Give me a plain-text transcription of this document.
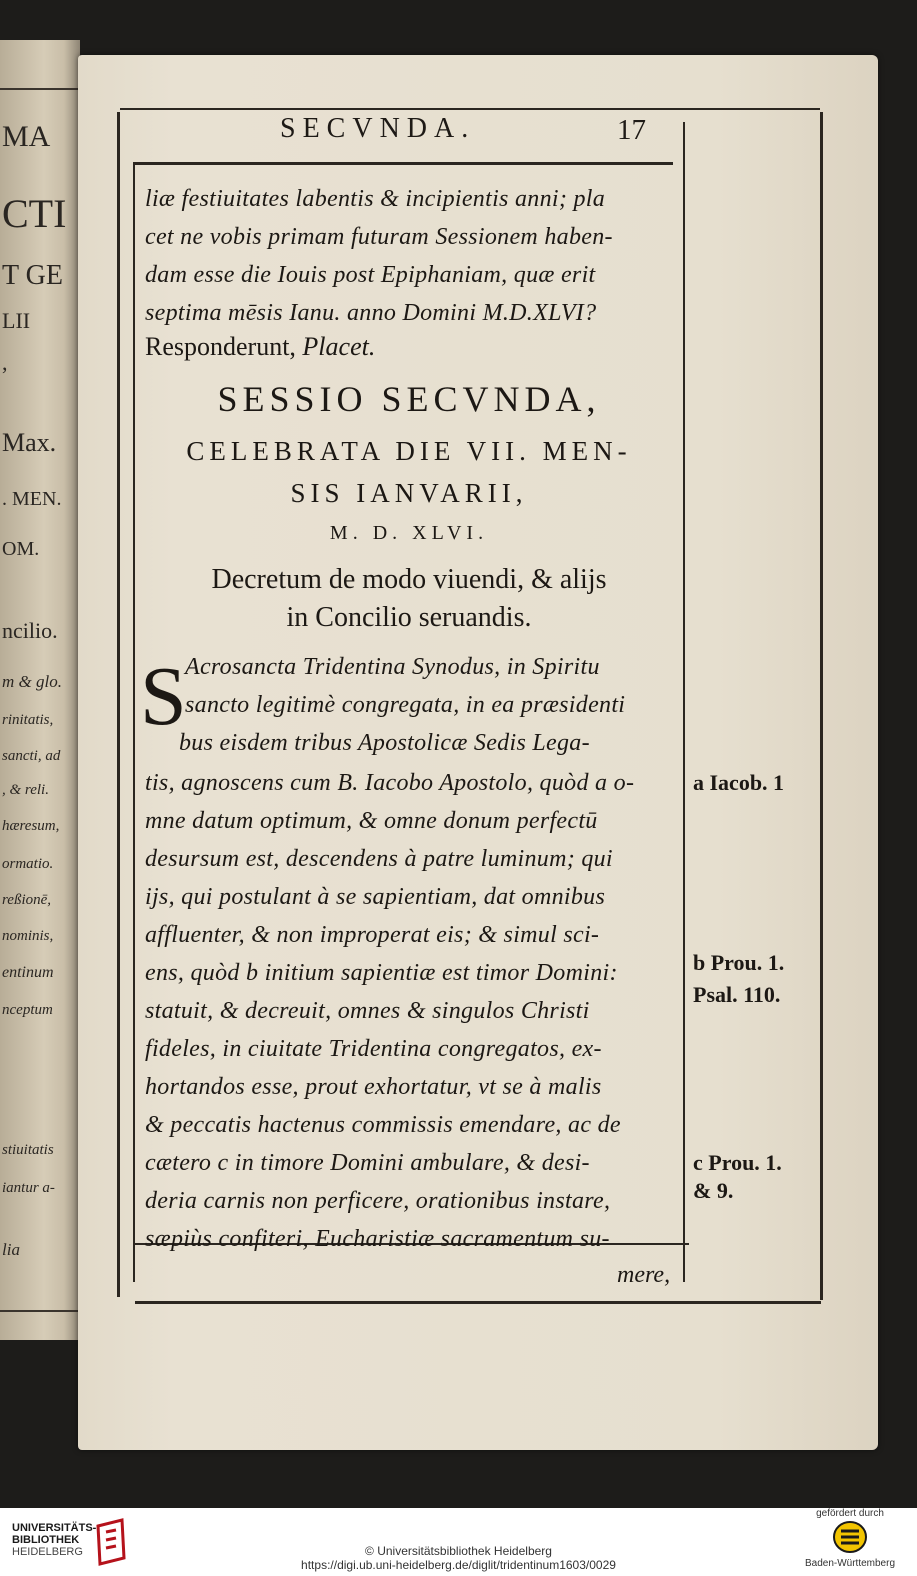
MA
CTI
T GE
LII
,
Max.
. MEN.
OM.
ncilio.
m & glo.
rinitatis,
sancti, ad
, & reli.
hæresum,
ormatio.
reßionē,
nominis,
entinum
nceptum
stiuitatis
iantur a-
lia
SECVNDA.	17
liæ festiuitates labentis & incipientis anni; pla
cet ne vobis primam futuram Sessionem haben-
dam esse die Iouis post Epiphaniam, quæ erit
septima mēsis Ianu. anno Domini M.D.XLVI?
Responderunt, Placet.
SESSIO SECVNDA,
CELEBRATA DIE VII. MEN-
SIS IANVARII,
M. D. XLVI.
Decretum de modo viuendi, & alijs
in Concilio seruandis.
S
Acrosancta Tridentina Synodus, in Spiritu
sancto legitimè congregata, in ea præsidenti
bus eisdem tribus Apostolicæ Sedis Lega-
tis, agnoscens cum B. Iacobo Apostolo, quòd a o-
mne datum optimum, & omne donum perfectū
desursum est, descendens à patre luminum; qui
ijs, qui postulant à se sapientiam, dat omnibus
affluenter, & non improperat eis; & simul sci-
ens, quòd b initium sapientiæ est timor Domini:
statuit, & decreuit, omnes & singulos Christi
fideles, in ciuitate Tridentina congregatos, ex-
hortandos esse, prout exhortatur, vt se à malis
& peccatis hactenus commissis emendare, ac de
cætero c in timore Domini ambulare, & desi-
deria carnis non perficere, orationibus instare,
sæpiùs confiteri, Eucharistiæ sacramentum su-
a Iacob. 1
b Prou. 1.
Psal. 110.
c Prou. 1.
& 9.
mere,
UNIVERSITÄTS-
BIBLIOTHEK
HEIDELBERG	© Universitätsbibliothek Heidelberg
https://digi.ub.uni-heidelberg.de/diglit/tridentinum1603/0029
gefördert durch
Baden-Württemberg
